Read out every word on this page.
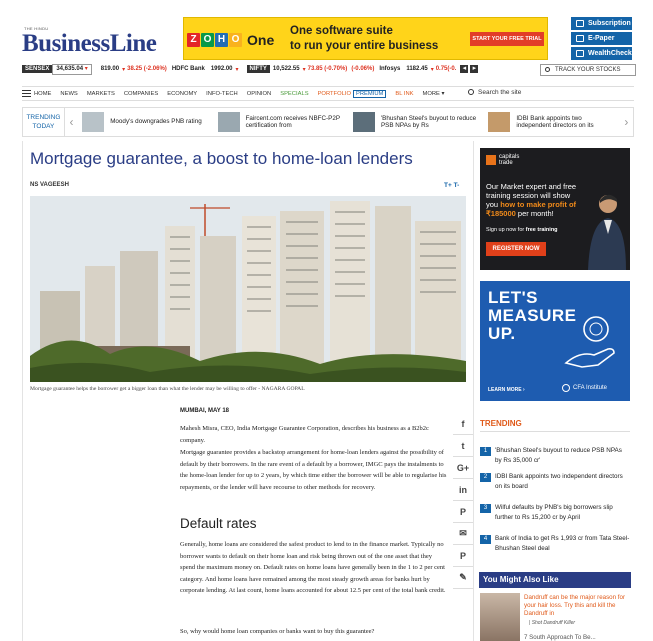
THE HINDU
BusinessLine	Z O H O One
One software suite
to run your entire business
START YOUR FREE TRIAL
Subscription
E-Paper
WealthCheck
SENSEX	34,635.04 ▾	819.00 ▾ 38.25 (-2.06%) HDFC Bank	1992.00 ▾	NIFTY	10,522.55 ▾ 73.85 (-0.70%) (-0.06%) Infosys	1182.45 ▾ 0.75(-0. ◂ ▸	TRACK YOUR STOCKS
HOME NEWS MARKETS COMPANIES ECONOMY INFO-TECH OPINION SPECIALS PORTFOLIO PREMIUM	BL INK MORE ▾	Search the site
TRENDING
TODAY	‹	Moody's downgrades PNB rating
Faircent.com receives NBFC-P2P certification from
'Bhushan Steel's buyout to reduce PSB NPAs by Rs
IDBI Bank appoints two independent directors on its	›
Mortgage guarantee, a boost to home-loan lenders
NS VAGEESH	T+ T-
Mortgage guarantee helps the borrower get a bigger loan than what the lender may be willing to offer - NAGARA GOPAL
MUMBAI, MAY 18
Mahesh Misra, CEO, India Mortgage Guarantee Corporation, describes his business as a B2b2c company.
Mortgage guarantee provides a backstop arrangement for home-loan lenders against the possibility of default by their borrowers. In the rare event of a default by a borrower, IMGC pays the instalments to the home-loan lender for up to 2 years, by which time either the borrower will be able to regularise his repayments, or the lender will have recourse to other methods for recovery.
Default rates
Generally, home loans are considered the safest product to lend to in the finance market. Typically no borrower wants to default on their home loan and risk being thrown out of the one asset that they spend the maximum money on. Default rates on home loans have generally been in the 1 to 2 per cent category. And home loans have remained among the most steady growth areas for banks hurt by corporate lending. At last count, home loans accounted for about 12.5 per cent of the total bank credit.
So, why would home loan companies or banks want to buy this guarantee?
f
t
G+
in
P
✉
P
✎
capitals
trade
Our Market expert and free training session will show you how to make profit of ₹185000 per month!
Sign up now for free training
REGISTER NOW
LET'S
MEASURE
UP.
LEARN MORE ›	CFA Institute
TRENDING
1	'Bhushan Steel's buyout to reduce PSB NPAs by Rs 35,000 cr'
2	IDBI Bank appoints two independent directors on its board
3	Wilful defaults by PNB's big borrowers slip further to Rs 15,200 cr by April
4	Bank of India to get Rs 1,993 cr from Tata Steel-Bhushan Steel deal
You Might Also Like
Dandruff can be the major reason for your hair loss. Try this and kill the Dandruff in
| Shot Dandruff Killer
7 South Approach To Be...
